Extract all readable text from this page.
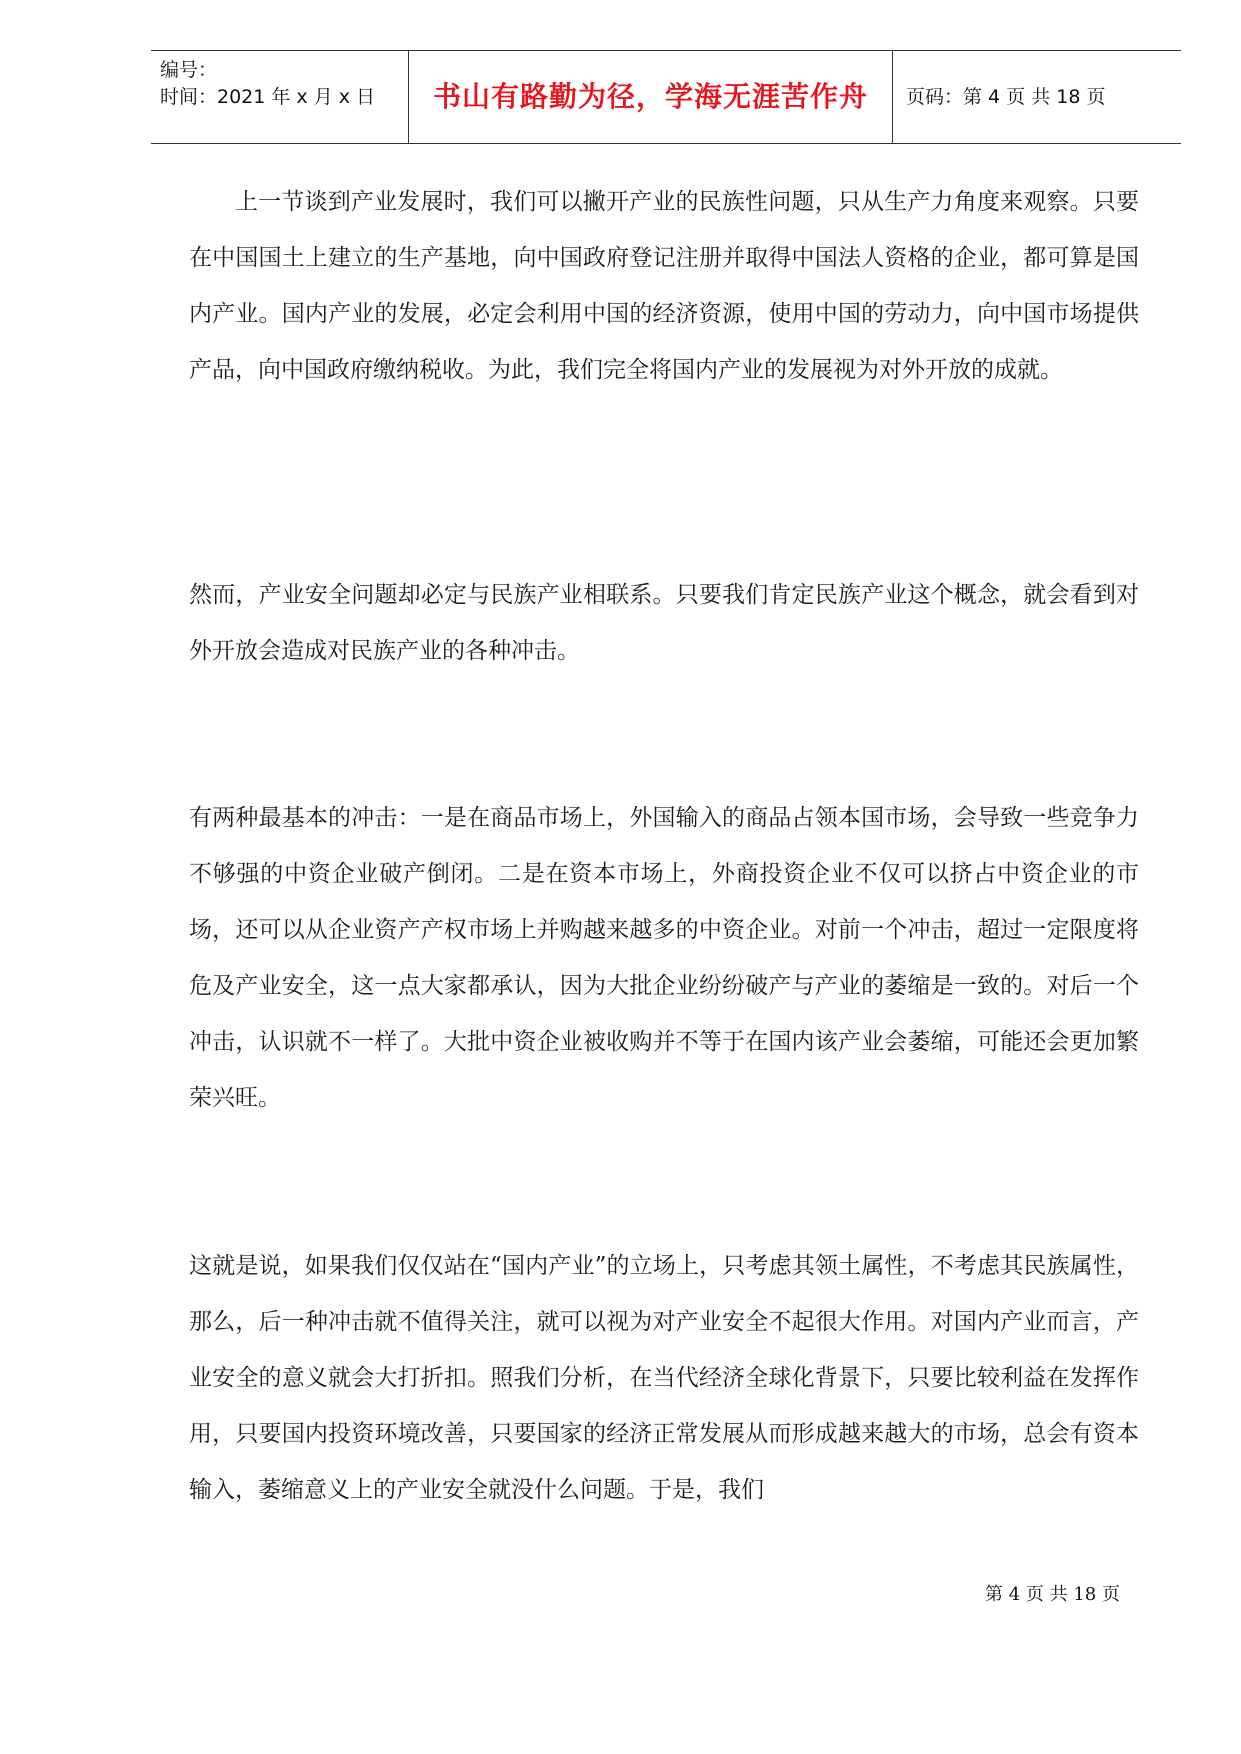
编号：
时间：2021 年 x 月 x 日	书山有路勤为径，学海无涯苦作舟	页码：第 4 页 共 18 页

上一节谈到产业发展时，我们可以撇开产业的民族性问题，只从生产力角度来观察。只要在中国国土上建立的生产基地，向中国政府登记注册并取得中国法人资格的企业，都可算是国内产业。国内产业的发展，必定会利用中国的经济资源，使用中国的劳动力，向中国市场提供产品，向中国政府缴纳税收。为此，我们完全将国内产业的发展视为对外开放的成就。

然而，产业安全问题却必定与民族产业相联系。只要我们肯定民族产业这个概念，就会看到对外开放会造成对民族产业的各种冲击。

有两种最基本的冲击：一是在商品市场上，外国输入的商品占领本国市场，会导致一些竞争力不够强的中资企业破产倒闭。二是在资本市场上，外商投资企业不仅可以挤占中资企业的市场，还可以从企业资产产权市场上并购越来越多的中资企业。对前一个冲击，超过一定限度将危及产业安全，这一点大家都承认，因为大批企业纷纷破产与产业的萎缩是一致的。对后一个冲击，认识就不一样了。大批中资企业被收购并不等于在国内该产业会萎缩，可能还会更加繁荣兴旺。

这就是说，如果我们仅仅站在“国内产业”的立场上，只考虑其领土属性，不考虑其民族属性，那么，后一种冲击就不值得关注，就可以视为对产业安全不起很大作用。对国内产业而言，产业安全的意义就会大打折扣。照我们分析，在当代经济全球化背景下，只要比较利益在发挥作用，只要国内投资环境改善，只要国家的经济正常发展从而形成越来越大的市场，总会有资本输入，萎缩意义上的产业安全就没什么问题。于是，我们

第 4 页 共 18 页
